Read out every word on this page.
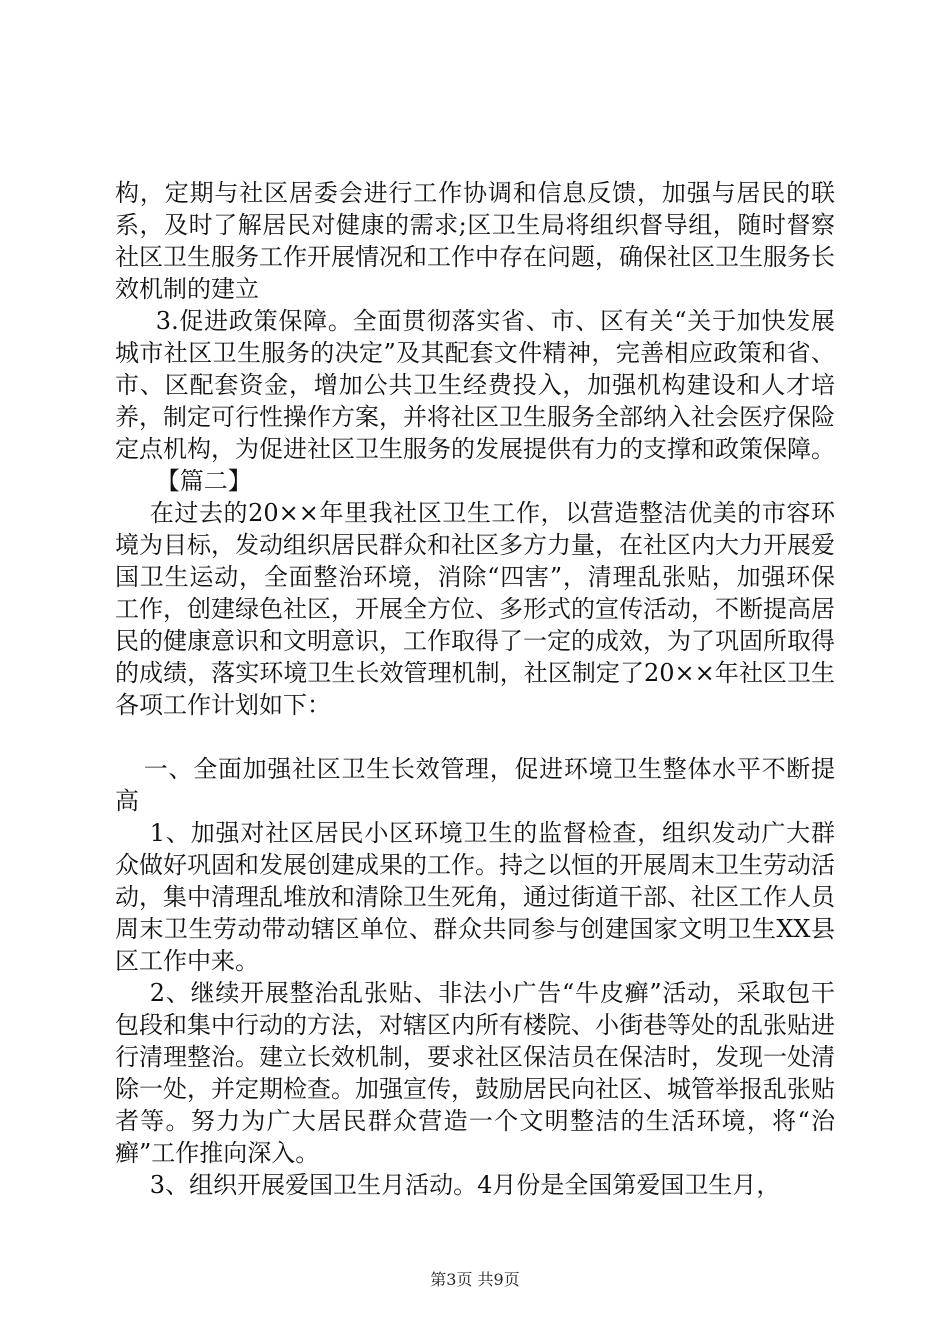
构，定期与社区居委会进行工作协调和信息反馈，加强与居民的联系，及时了解居民对健康的需求;区卫生局将组织督导组，随时督察社区卫生服务工作开展情况和工作中存在问题，确保社区卫生服务长效机制的建立

3.促进政策保障。全面贯彻落实省、市、区有关“关于加快发展城市社区卫生服务的决定”及其配套文件精神，完善相应政策和省、市、区配套资金，增加公共卫生经费投入，加强机构建设和人才培养，制定可行性操作方案，并将社区卫生服务全部纳入社会医疗保险定点机构，为促进社区卫生服务的发展提供有力的支撑和政策保障。

【篇二】

在过去的20××年里我社区卫生工作，以营造整洁优美的市容环境为目标，发动组织居民群众和社区多方力量，在社区内大力开展爱国卫生运动，全面整治环境，消除“四害”，清理乱张贴，加强环保工作，创建绿色社区，开展全方位、多形式的宣传活动，不断提高居民的健康意识和文明意识，工作取得了一定的成效，为了巩固所取得的成绩，落实环境卫生长效管理机制，社区制定了20××年社区卫生各项工作计划如下：

一、全面加强社区卫生长效管理，促进环境卫生整体水平不断提高

1、加强对社区居民小区环境卫生的监督检查，组织发动广大群众做好巩固和发展创建成果的工作。持之以恒的开展周末卫生劳动活动，集中清理乱堆放和清除卫生死角，通过街道干部、社区工作人员周末卫生劳动带动辖区单位、群众共同参与创建国家文明卫生XX县区工作中来。

2、继续开展整治乱张贴、非法小广告“牛皮癣”活动，采取包干包段和集中行动的方法，对辖区内所有楼院、小街巷等处的乱张贴进行清理整治。建立长效机制，要求社区保洁员在保洁时，发现一处清除一处，并定期检查。加强宣传，鼓励居民向社区、城管举报乱张贴者等。努力为广大居民群众营造一个文明整洁的生活环境，将“治癣”工作推向深入。

3、组织开展爱国卫生月活动。4月份是全国第爱国卫生月，

第3页 共9页
